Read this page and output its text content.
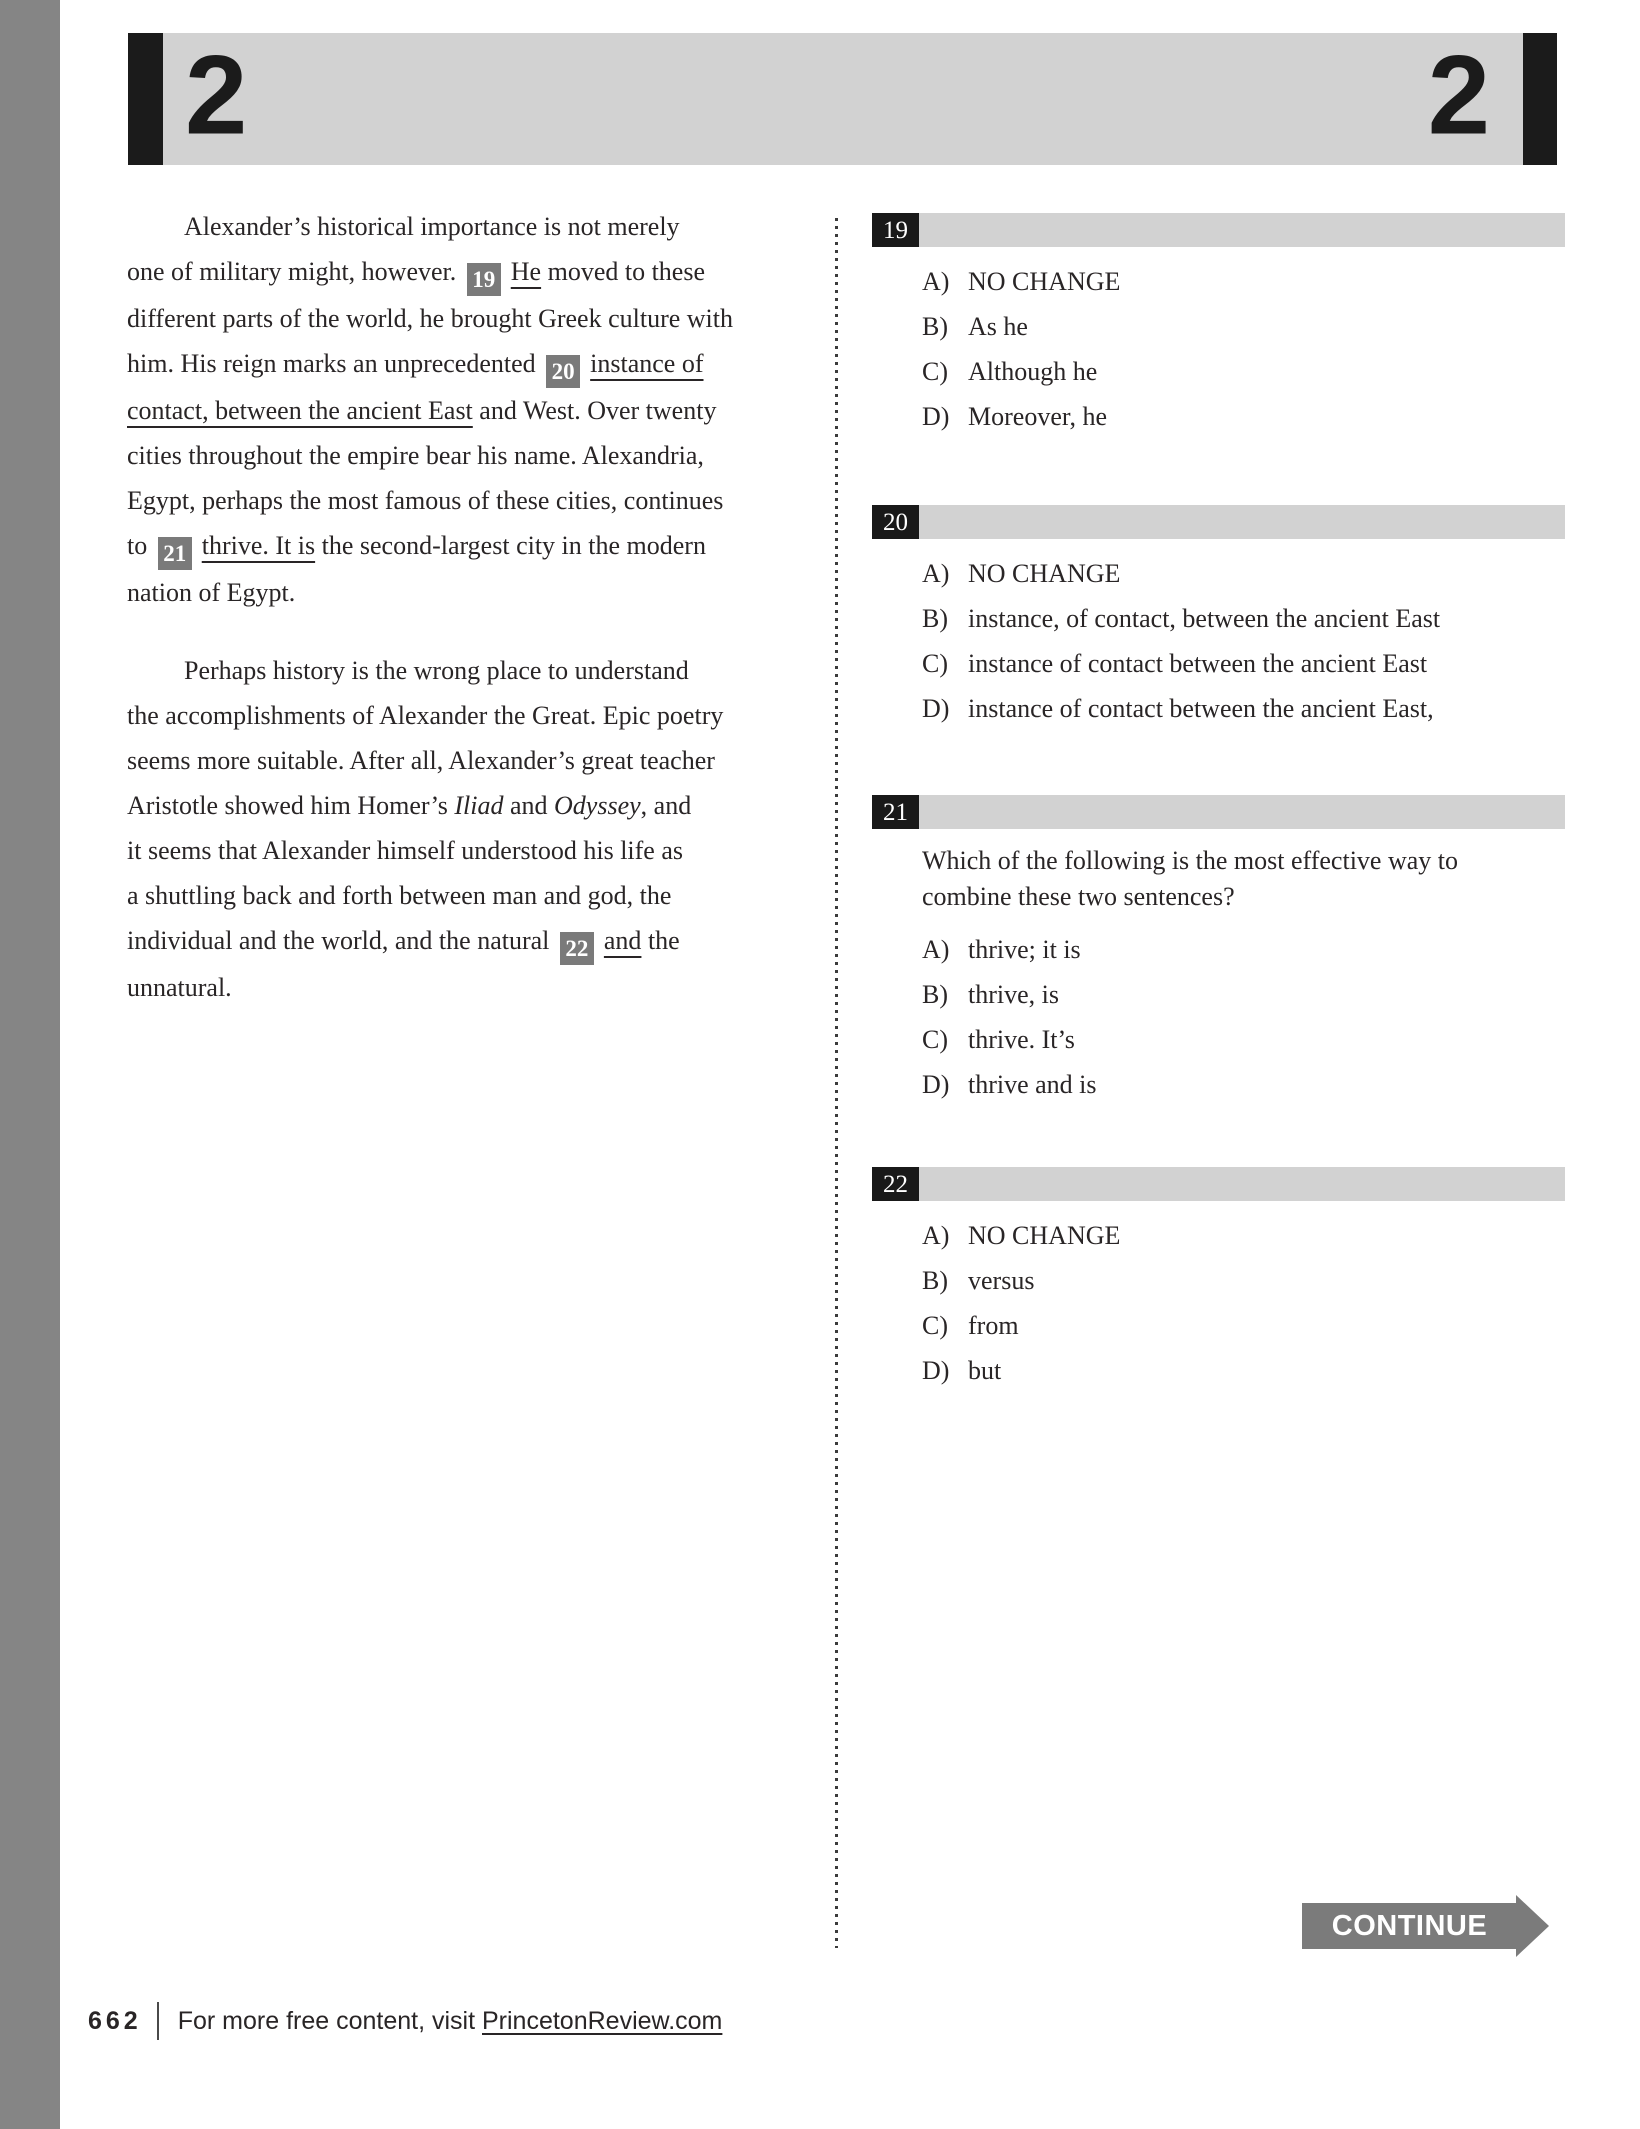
2	2

Alexander’s historical importance is not merely
one of military might, however. 19 He moved to these
different parts of the world, he brought Greek culture with
him. His reign marks an unprecedented 20 instance of
contact, between the ancient East and West. Over twenty
cities throughout the empire bear his name. Alexandria,
Egypt, perhaps the most famous of these cities, continues
to 21 thrive. It is the second-largest city in the modern
nation of Egypt.

Perhaps history is the wrong place to understand
the accomplishments of Alexander the Great. Epic poetry
seems more suitable. After all, Alexander’s great teacher
Aristotle showed him Homer’s Iliad and Odyssey, and
it seems that Alexander himself understood his life as
a shuttling back and forth between man and god, the
individual and the world, and the natural 22 and the
unnatural.

19
A) NO CHANGE
B) As he
C) Although he
D) Moreover, he
20
A) NO CHANGE
B) instance, of contact, between the ancient East
C) instance of contact between the ancient East
D) instance of contact between the ancient East,
21
Which of the following is the most effective way to
combine these two sentences?
A) thrive; it is
B) thrive, is
C) thrive. It’s
D) thrive and is
22
A) NO CHANGE
B) versus
C) from
D) but
CONTINUE
662 For more free content, visit PrincetonReview.com
